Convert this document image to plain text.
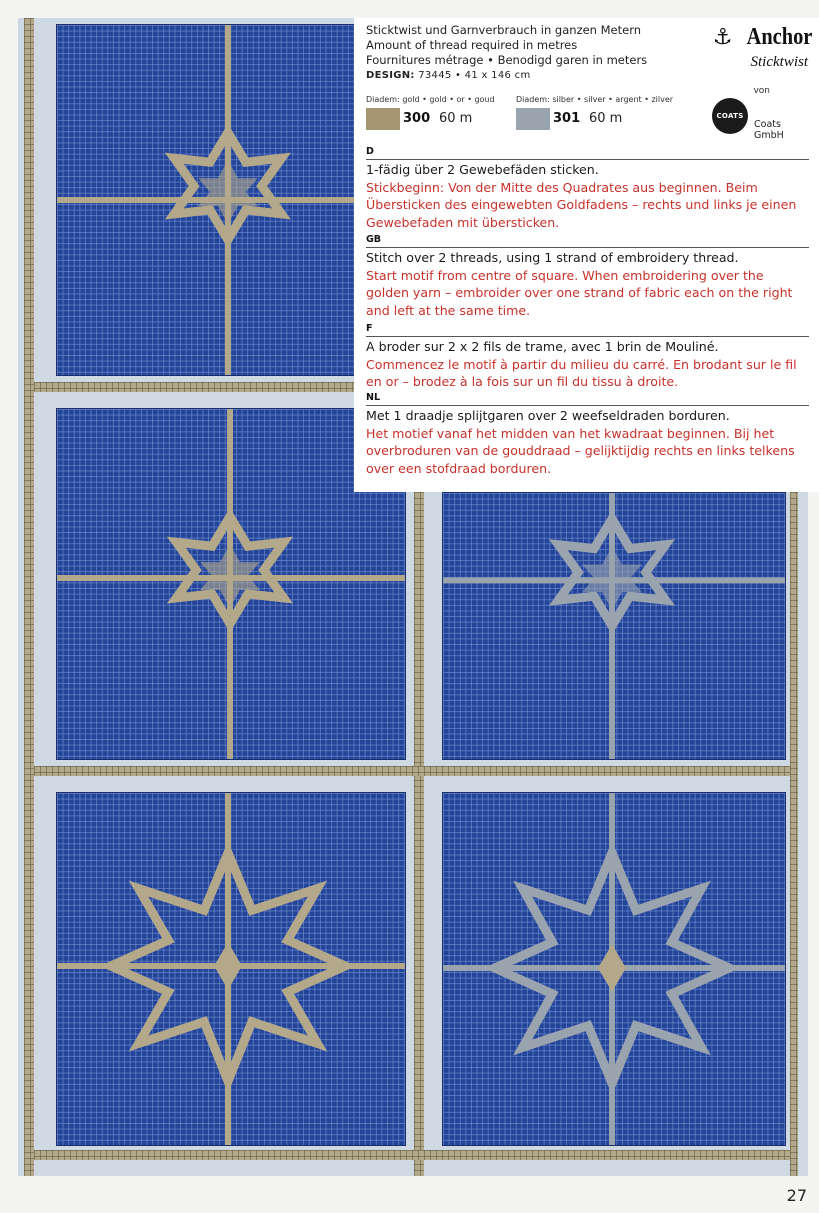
Sticktwist und Garnverbrauch in ganzen Metern
Amount of thread required in metres
Fournitures métrage • Benodigd garen in meters
DESIGN: 73445 • 41 x 146 cm
Diadem: gold • gold • or • goud
300 60 m
Diadem: silber • silver • argent • zilver
301 60 m
D
1-fädig über 2 Gewebefäden sticken.
Stickbeginn: Von der Mitte des Quadrates aus beginnen. Beim Übersticken des eingewebten Goldfadens – rechts und links je einen Gewebefaden mit übersticken.
GB
Stitch over 2 threads, using 1 strand of embroidery thread.
Start motif from centre of square. When embroidering over the golden yarn – embroider over one strand of fabric each on the right and left at the same time.
F
A broder sur 2 x 2 fils de trame, avec 1 brin de Mouliné.
Commencez le motif à partir du milieu du carré. En brodant sur le fil en or – brodez à la fois sur un fil du tissu à droite.
NL
Met 1 draadje splijtgaren over 2 weefseldraden borduren.
Het motief vanaf het midden van het kwadraat beginnen. Bij het overbroduren van de gouddraad – gelijktijdig rechts en links telkens over een stofdraad borduren.
⚓ Anchor
Sticktwist
von
COATS
Coats GmbH
27
